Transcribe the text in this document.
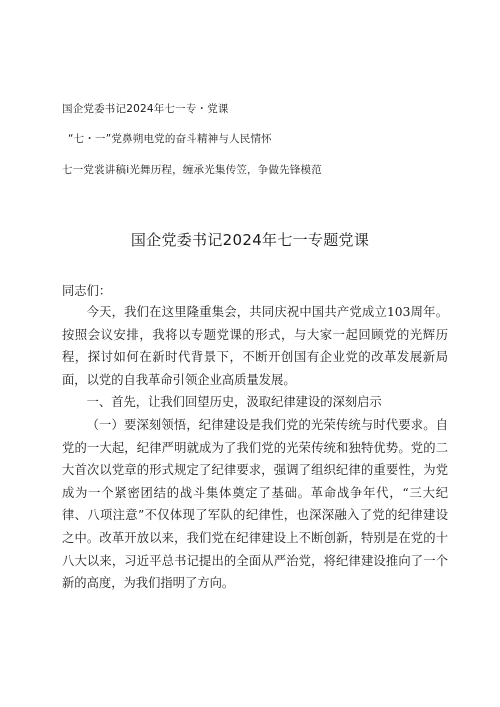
国企党委书记2024年七一专・党课
“七・一”党鼻朔电党的奋斗精神与人民情怀
七一党裳讲稿i光舞历程，缠承光集传笠，争做先锋模范
国企党委书记2024年七一专题党课
同志们：

今天，我们在这里隆重集会，共同庆祝中国共产党成立103周年。按照会议安排，我将以专题党课的形式，与大家一起回顾党的光辉历程，探讨如何在新时代背景下，不断开创国有企业党的改革发展新局面，以党的自我革命引领企业高质量发展。

一、首先，让我们回望历史，汲取纪律建设的深刻启示

（一）要深刻领悟，纪律建设是我们党的光荣传统与时代要求。自党的一大起，纪律严明就成为了我们党的光荣传统和独特优势。党的二大首次以党章的形式规定了纪律要求，强调了组织纪律的重要性，为党成为一个紧密团结的战斗集体奠定了基础。革命战争年代，“三大纪律、八项注意”不仅体现了军队的纪律性，也深深融入了党的纪律建设之中。改革开放以来，我们党在纪律建设上不断创新，特别是在党的十八大以来，习近平总书记提出的全面从严治党，将纪律建设推向了一个新的高度，为我们指明了方向。
